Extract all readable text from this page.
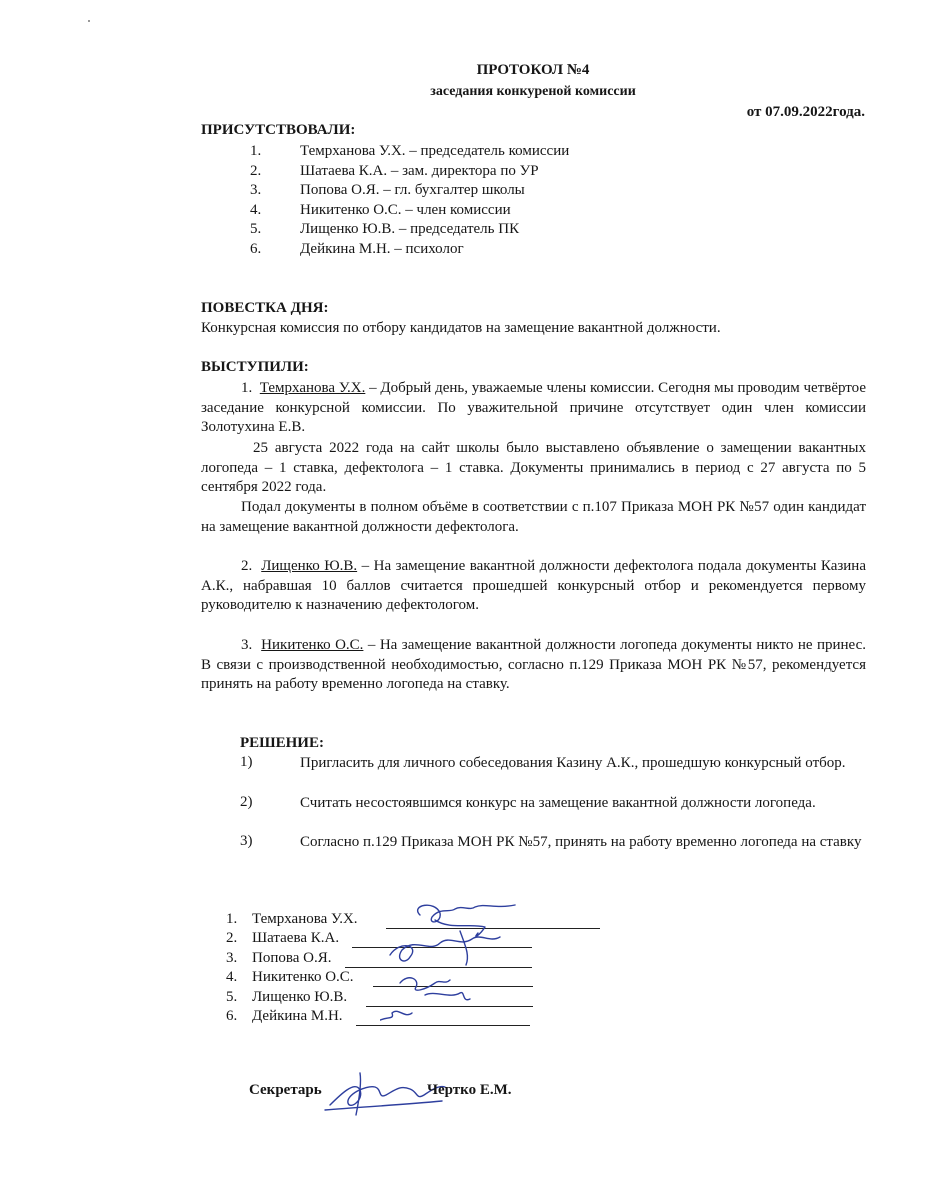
ПРОТОКОЛ №4
заседания конкуреной комиссии
от 07.09.2022года.
ПРИСУТСТВОВАЛИ:
1.	Темрханова У.Х. – председатель комиссии
2.	Шатаева К.А. – зам. директора по УР
3.	Попова О.Я. – гл. бухгалтер школы
4.	Никитенко О.С. – член комиссии
5.	Лищенко Ю.В. – председатель ПК
6.	Дейкина М.Н. – психолог
ПОВЕСТКА ДНЯ:
Конкурсная комиссия по отбору кандидатов на замещение вакантной должности.
ВЫСТУПИЛИ:
1. Темрханова У.Х. – Добрый день, уважаемые члены комиссии. Сегодня мы проводим четвёртое заседание конкурсной комиссии. По уважительной причине отсутствует один член комиссии Золотухина Е.В.
25 августа 2022 года на сайт школы было выставлено объявление о замещении вакантных логопеда – 1 ставка, дефектолога – 1 ставка. Документы принимались в период с 27 августа по 5 сентября 2022 года.
Подал документы в полном объёме в соответствии с п.107 Приказа МОН РК №57 один кандидат на замещение вакантной должности дефектолога.
2. Лищенко Ю.В. – На замещение вакантной должности дефектолога подала документы Казина А.К., набравшая 10 баллов считается прошедшей конкурсный отбор и рекомендуется первому руководителю к назначению дефектологом.
3. Никитенко О.С. – На замещение вакантной должности логопеда документы никто не принес. В связи с производственной необходимостью, согласно п.129 Приказа МОН РК №57, рекомендуется принять на работу временно логопеда на ставку.
РЕШЕНИЕ:
Пригласить для личного собеседования Казину А.К., прошедшую конкурсный отбор.
1)
Считать несостоявшимся конкурс на замещение вакантной должности логопеда.
2)
Согласно п.129 Приказа МОН РК №57, принять на работу временно логопеда на ставку
3)
1. Темрханова У.Х.
2. Шатаева К.А.
3. Попова О.Я.
4. Никитенко О.С.
5. Лищенко Ю.В.
6. Дейкина М.Н.
Секретарь	Чертко Е.М.
